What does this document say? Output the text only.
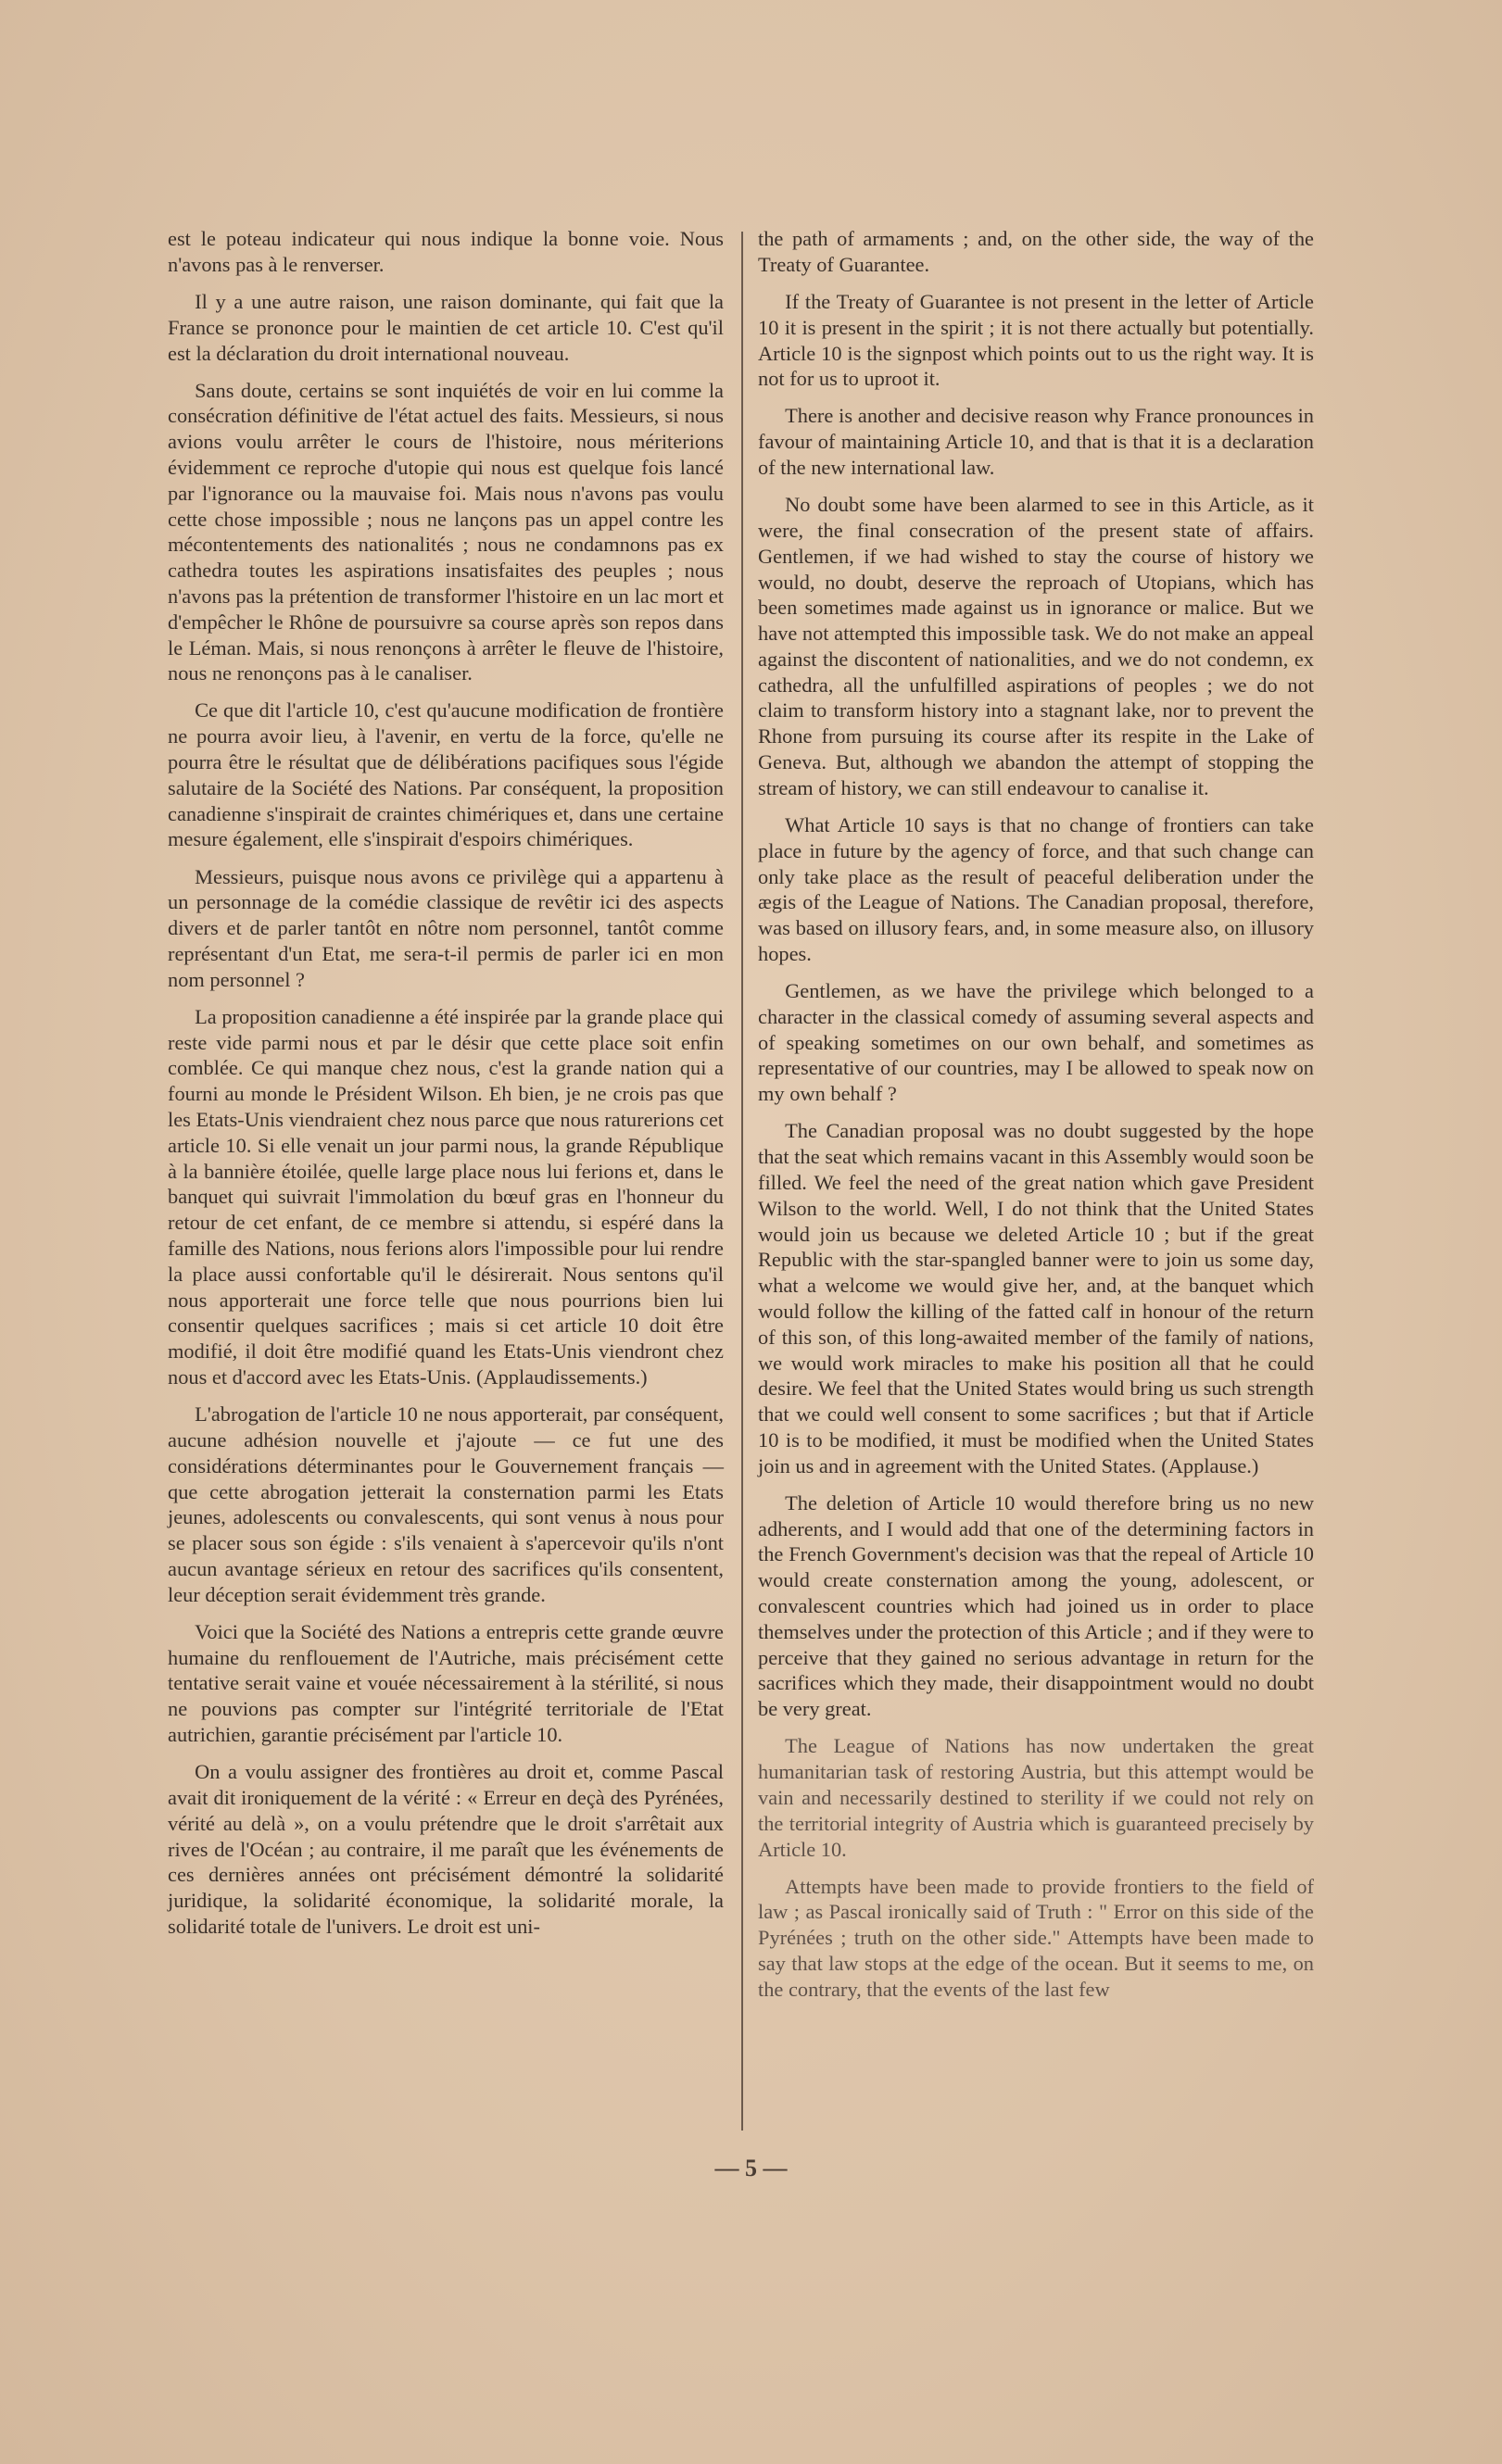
est le poteau indicateur qui nous indique la bonne voie. Nous n'avons pas à le renverser.

Il y a une autre raison, une raison dominante, qui fait que la France se prononce pour le maintien de cet article 10. C'est qu'il est la déclaration du droit international nouveau.

Sans doute, certains se sont inquiétés de voir en lui comme la consécration définitive de l'état actuel des faits. Messieurs, si nous avions voulu arrêter le cours de l'histoire, nous mériterions évidemment ce reproche d'utopie qui nous est quelque fois lancé par l'ignorance ou la mauvaise foi. Mais nous n'avons pas voulu cette chose impossible ; nous ne lançons pas un appel contre les mécontentements des nationalités ; nous ne condamnons pas ex cathedra toutes les aspirations insatisfaites des peuples ; nous n'avons pas la prétention de transformer l'histoire en un lac mort et d'empêcher le Rhône de poursuivre sa course après son repos dans le Léman. Mais, si nous renonçons à arrêter le fleuve de l'histoire, nous ne renonçons pas à le canaliser.

Ce que dit l'article 10, c'est qu'aucune modification de frontière ne pourra avoir lieu, à l'avenir, en vertu de la force, qu'elle ne pourra être le résultat que de délibérations pacifiques sous l'égide salutaire de la Société des Nations. Par conséquent, la proposition canadienne s'inspirait de craintes chimériques et, dans une certaine mesure également, elle s'inspirait d'espoirs chimériques.

Messieurs, puisque nous avons ce privilège qui a appartenu à un personnage de la comédie classique de revêtir ici des aspects divers et de parler tantôt en nôtre nom personnel, tantôt comme représentant d'un Etat, me sera-t-il permis de parler ici en mon nom personnel ?

La proposition canadienne a été inspirée par la grande place qui reste vide parmi nous et par le désir que cette place soit enfin comblée. Ce qui manque chez nous, c'est la grande nation qui a fourni au monde le Président Wilson. Eh bien, je ne crois pas que les Etats-Unis viendraient chez nous parce que nous raturerions cet article 10. Si elle venait un jour parmi nous, la grande République à la bannière étoilée, quelle large place nous lui ferions et, dans le banquet qui suivrait l'immolation du bœuf gras en l'honneur du retour de cet enfant, de ce membre si attendu, si espéré dans la famille des Nations, nous ferions alors l'impossible pour lui rendre la place aussi confortable qu'il le désirerait. Nous sentons qu'il nous apporterait une force telle que nous pourrions bien lui consentir quelques sacrifices ; mais si cet article 10 doit être modifié, il doit être modifié quand les Etats-Unis viendront chez nous et d'accord avec les Etats-Unis. (Applaudissements.)

L'abrogation de l'article 10 ne nous apporterait, par conséquent, aucune adhésion nouvelle et j'ajoute — ce fut une des considérations déterminantes pour le Gouvernement français — que cette abrogation jetterait la consternation parmi les Etats jeunes, adolescents ou convalescents, qui sont venus à nous pour se placer sous son égide : s'ils venaient à s'apercevoir qu'ils n'ont aucun avantage sérieux en retour des sacrifices qu'ils consentent, leur déception serait évidemment très grande.

Voici que la Société des Nations a entrepris cette grande œuvre humaine du renflouement de l'Autriche, mais précisément cette tentative serait vaine et vouée nécessairement à la stérilité, si nous ne pouvions pas compter sur l'intégrité territoriale de l'Etat autrichien, garantie précisément par l'article 10.

On a voulu assigner des frontières au droit et, comme Pascal avait dit ironiquement de la vérité : « Erreur en deçà des Pyrénées, vérité au delà », on a voulu prétendre que le droit s'arrêtait aux rives de l'Océan ; au contraire, il me paraît que les événements de ces dernières années ont précisément démontré la solidarité juridique, la solidarité économique, la solidarité morale, la solidarité totale de l'univers. Le droit est uni-

the path of armaments ; and, on the other side, the way of the Treaty of Guarantee.

If the Treaty of Guarantee is not present in the letter of Article 10 it is present in the spirit ; it is not there actually but potentially. Article 10 is the signpost which points out to us the right way. It is not for us to uproot it.

There is another and decisive reason why France pronounces in favour of maintaining Article 10, and that is that it is a declaration of the new international law.

No doubt some have been alarmed to see in this Article, as it were, the final consecration of the present state of affairs. Gentlemen, if we had wished to stay the course of history we would, no doubt, deserve the reproach of Utopians, which has been sometimes made against us in ignorance or malice. But we have not attempted this impossible task. We do not make an appeal against the discontent of nationalities, and we do not condemn, ex cathedra, all the unfulfilled aspirations of peoples ; we do not claim to transform history into a stagnant lake, nor to prevent the Rhone from pursuing its course after its respite in the Lake of Geneva. But, although we abandon the attempt of stopping the stream of history, we can still endeavour to canalise it.

What Article 10 says is that no change of frontiers can take place in future by the agency of force, and that such change can only take place as the result of peaceful deliberation under the ægis of the League of Nations. The Canadian proposal, therefore, was based on illusory fears, and, in some measure also, on illusory hopes.

Gentlemen, as we have the privilege which belonged to a character in the classical comedy of assuming several aspects and of speaking sometimes on our own behalf, and sometimes as representative of our countries, may I be allowed to speak now on my own behalf ?

The Canadian proposal was no doubt suggested by the hope that the seat which remains vacant in this Assembly would soon be filled. We feel the need of the great nation which gave President Wilson to the world. Well, I do not think that the United States would join us because we deleted Article 10 ; but if the great Republic with the star-spangled banner were to join us some day, what a welcome we would give her, and, at the banquet which would follow the killing of the fatted calf in honour of the return of this son, of this long-awaited member of the family of nations, we would work miracles to make his position all that he could desire. We feel that the United States would bring us such strength that we could well consent to some sacrifices ; but that if Article 10 is to be modified, it must be modified when the United States join us and in agreement with the United States. (Applause.)

The deletion of Article 10 would therefore bring us no new adherents, and I would add that one of the determining factors in the French Government's decision was that the repeal of Article 10 would create consternation among the young, adolescent, or convalescent countries which had joined us in order to place themselves under the protection of this Article ; and if they were to perceive that they gained no serious advantage in return for the sacrifices which they made, their disappointment would no doubt be very great.

The League of Nations has now undertaken the great humanitarian task of restoring Austria, but this attempt would be vain and necessarily destined to sterility if we could not rely on the territorial integrity of Austria which is guaranteed precisely by Article 10.

Attempts have been made to provide frontiers to the field of law ; as Pascal ironically said of Truth : " Error on this side of the Pyrénées ; truth on the other side." Attempts have been made to say that law stops at the edge of the ocean. But it seems to me, on the contrary, that the events of the last few

— 5 —
